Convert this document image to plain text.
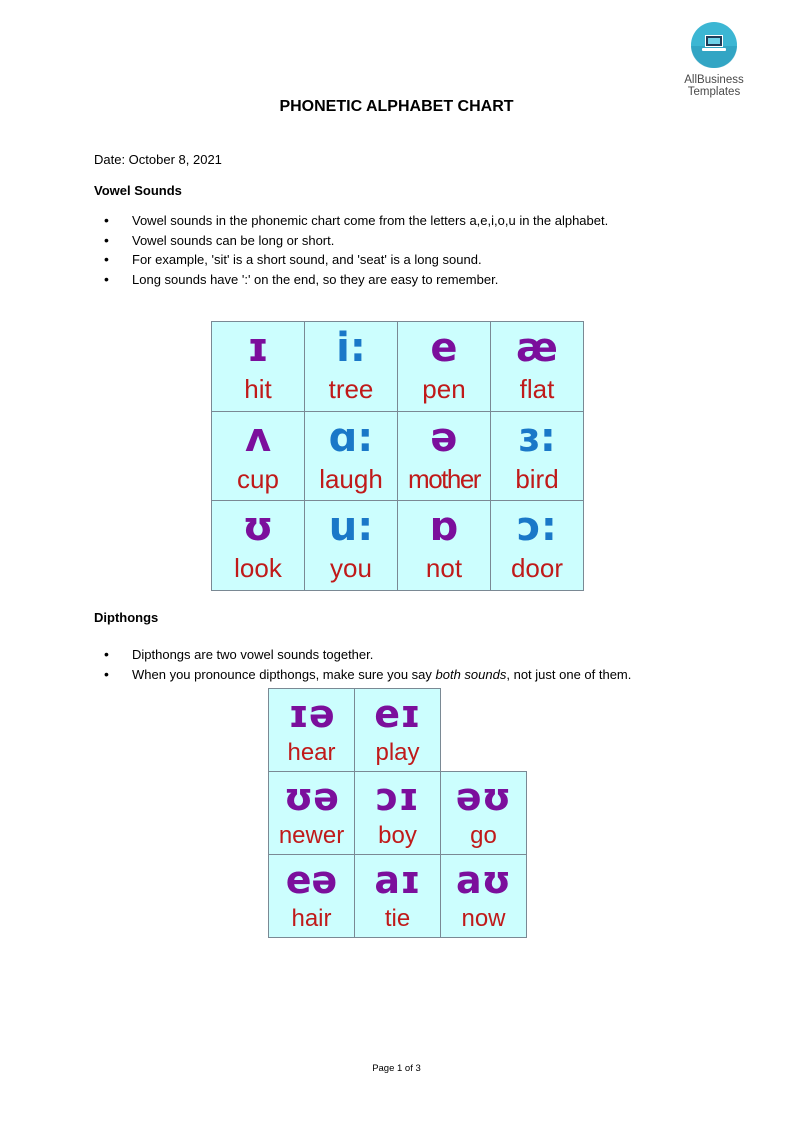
AllBusiness
Templates
PHONETIC ALPHABET CHART
Date: October 8, 2021
Vowel Sounds
• Vowel sounds in the phonemic chart come from the letters a,e,i,o,u in the alphabet.
• Vowel sounds can be long or short.
• For example, 'sit' is a short sound, and 'seat' is a long sound.
• Long sounds have ':' on the end, so they are easy to remember.
ɪ
hit
i:
tree
e
pen
æ
flat
ʌ
cup
ɑ:
laugh
ə
mother
ɜ:
bird
ʊ
look
u:
you
ɒ
not
ɔ:
door
Dipthongs
• Dipthongs are two vowel sounds together.
• When you pronounce dipthongs, make sure you say both sounds, not just one of them.
ɪə
hear
eɪ
play
ʊə
newer
ɔɪ
boy
əʊ
go
eə
hair
aɪ
tie
aʊ
now
Page 1 of 3
